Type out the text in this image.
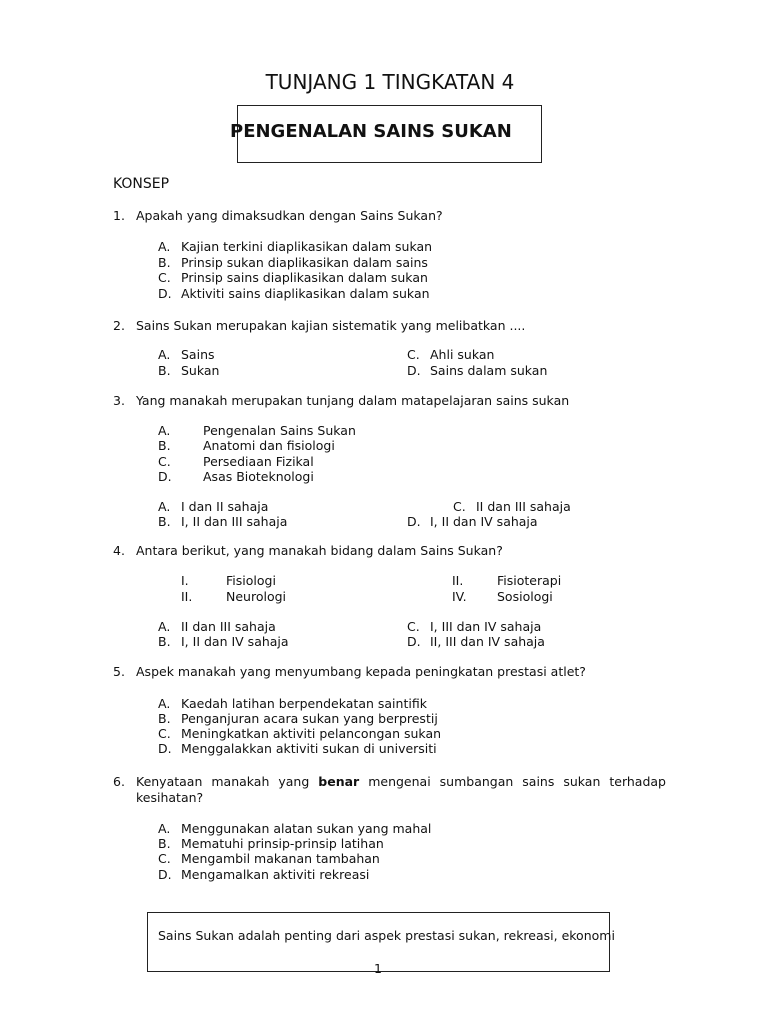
TUNJANG 1 TINGKATAN 4
PENGENALAN SAINS SUKAN
KONSEP
1. Apakah yang dimaksudkan dengan Sains Sukan?
A. Kajian terkini diaplikasikan dalam sukan
B. Prinsip sukan diaplikasikan dalam sains
C. Prinsip sains diaplikasikan dalam sukan
D. Aktiviti sains diaplikasikan dalam sukan
2. Sains Sukan merupakan kajian sistematik yang melibatkan ....
A. Sains
B. Sukan
C. Ahli sukan
D. Sains dalam sukan
3. Yang manakah merupakan tunjang dalam matapelajaran sains sukan
A.	Pengenalan Sains Sukan
B.	Anatomi dan fisiologi
C.	Persediaan Fizikal
D.	Asas Bioteknologi
A. I dan II sahaja
B. I, II dan III sahaja
C. II dan III sahaja
D. I, II dan IV sahaja
4. Antara berikut, yang manakah bidang dalam Sains Sukan?
I.	Fisiologi
II.	Neurologi
II.	Fisioterapi
IV. Sosiologi
A. II dan III sahaja
B. I, II dan IV sahaja
C. I, III dan IV sahaja
D. II, III dan IV sahaja
5. Aspek manakah yang menyumbang kepada peningkatan prestasi atlet?
A. Kaedah latihan berpendekatan saintifik
B. Penganjuran acara sukan yang berprestij
C. Meningkatkan aktiviti pelancongan sukan
D. Menggalakkan aktiviti sukan di universiti
6. Kenyataan manakah yang benar mengenai sumbangan sains sukan terhadap
kesihatan?
A. Menggunakan alatan sukan yang mahal
B. Mematuhi prinsip-prinsip latihan
C. Mengambil makanan tambahan
D. Mengamalkan aktiviti rekreasi
Sains Sukan adalah penting dari aspek prestasi sukan, rekreasi, ekonomi
1
